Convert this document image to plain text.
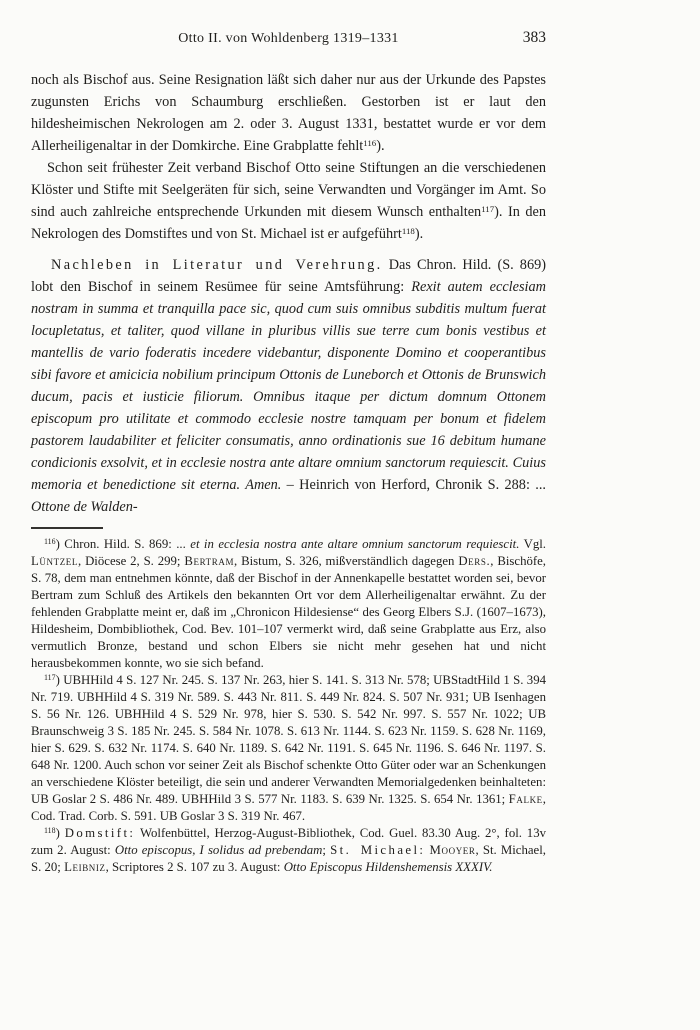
Otto II. von Wohldenberg 1319–1331	383

noch als Bischof aus. Seine Resignation läßt sich daher nur aus der Urkunde des Papstes zugunsten Erichs von Schaumburg erschließen. Gestorben ist er laut den hildesheimischen Nekrologen am 2. oder 3. August 1331, bestattet wurde er vor dem Allerheiligenaltar in der Domkirche. Eine Grabplatte fehlt$^{116}$).

Schon seit frühester Zeit verband Bischof Otto seine Stiftungen an die verschiedenen Klöster und Stifte mit Seelgeräten für sich, seine Verwandten und Vorgänger im Amt. So sind auch zahlreiche entsprechende Urkunden mit diesem Wunsch enthalten$^{117}$). In den Nekrologen des Domstiftes und von St. Michael ist er aufgeführt$^{118}$).

Nachleben in Literatur und Verehrung. Das Chron. Hild. (S. 869) lobt den Bischof in seinem Resümee für seine Amtsführung: Rexit autem ecclesiam nostram in summa et tranquilla pace sic, quod cum suis omnibus subditis multum fuerat locupletatus, et taliter, quod villane in pluribus villis sue terre cum bonis vestibus et mantellis de vario foderatis incedere videbantur, disponente Domino et cooperantibus sibi favore et amicicia nobilium principum Ottonis de Luneborch et Ottonis de Brunswich ducum, pacis et iusticie filiorum. Omnibus itaque per dictum domnum Ottonem episcopum pro utilitate et commodo ecclesie nostre tamquam per bonum et fidelem pastorem laudabiliter et feliciter consumatis, anno ordinationis sue 16 debitum humane condicionis exsolvit, et in ecclesie nostra ante altare omnium sanctorum requiescit. Cuius memoria et benedictione sit eterna. Amen. – Heinrich von Herford, Chronik S. 288: ... Ottone de Walden-

$^{116}$) Chron. Hild. S. 869: ... et in ecclesia nostra ante altare omnium sanctorum requiescit. Vgl. Lüntzel, Diöcese 2, S. 299; Bertram, Bistum, S. 326, mißverständlich dagegen Ders., Bischöfe, S. 78, dem man entnehmen könnte, daß der Bischof in der Annenkapelle bestattet worden sei, bevor Bertram zum Schluß des Artikels den bekannten Ort vor dem Allerheiligenaltar erwähnt. Zu der fehlenden Grabplatte meint er, daß im „Chronicon Hildesiense“ des Georg Elbers S.J. (1607–1673), Hildesheim, Dombibliothek, Cod. Bev. 101–107 vermerkt wird, daß seine Grabplatte aus Erz, also vermutlich Bronze, bestand und schon Elbers sie nicht mehr gesehen hat und nicht herausbekommen konnte, wo sie sich befand.

$^{117}$) UBHHild 4 S. 127 Nr. 245. S. 137 Nr. 263, hier S. 141. S. 313 Nr. 578; UBStadtHild 1 S. 394 Nr. 719. UBHHild 4 S. 319 Nr. 589. S. 443 Nr. 811. S. 449 Nr. 824. S. 507 Nr. 931; UB Isenhagen S. 56 Nr. 126. UBHHild 4 S. 529 Nr. 978, hier S. 530. S. 542 Nr. 997. S. 557 Nr. 1022; UB Braunschweig 3 S. 185 Nr. 245. S. 584 Nr. 1078. S. 613 Nr. 1144. S. 623 Nr. 1159. S. 628 Nr. 1169, hier S. 629. S. 632 Nr. 1174. S. 640 Nr. 1189. S. 642 Nr. 1191. S. 645 Nr. 1196. S. 646 Nr. 1197. S. 648 Nr. 1200. Auch schon vor seiner Zeit als Bischof schenkte Otto Güter oder war an Schenkungen an verschiedene Klöster beteiligt, die sein und anderer Verwandten Memorialgedenken beinhalteten: UB Goslar 2 S. 486 Nr. 489. UBHHild 3 S. 577 Nr. 1183. S. 639 Nr. 1325. S. 654 Nr. 1361; Falke, Cod. Trad. Corb. S. 591. UB Goslar 3 S. 319 Nr. 467.

$^{118}$) Domstift: Wolfenbüttel, Herzog-August-Bibliothek, Cod. Guel. 83.30 Aug. 2°, fol. 13v zum 2. August: Otto episcopus, I solidus ad prebendam; St. Michael: Mooyer, St. Michael, S. 20; Leibniz, Scriptores 2 S. 107 zu 3. August: Otto Episcopus Hildenshemensis XXXIV.
